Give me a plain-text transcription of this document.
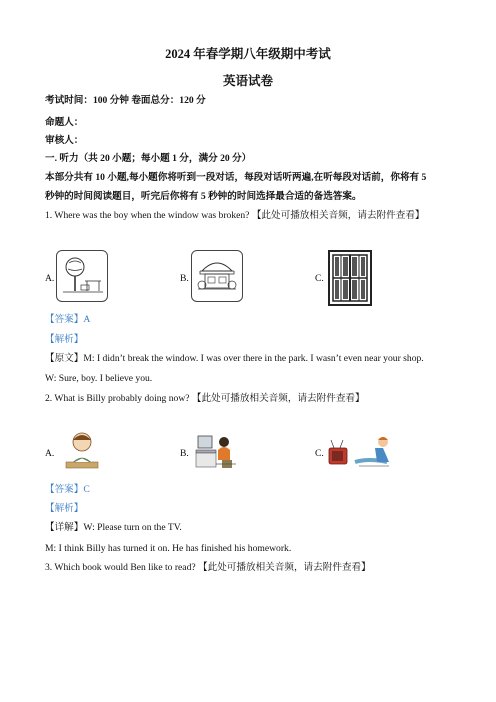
2024 年春学期八年级期中考试
英语试卷
考试时间：100 分钟 卷面总分：120 分
命题人：
审核人：
一. 听力（共 20 小题；每小题 1 分，满分 20 分）
本部分共有 10 小题,每小题你将听到一段对话，每段对话听两遍,在听每段对话前，你将有 5
秒钟的时间阅读题目，听完后你将有 5 秒钟的时间选择最合适的备选答案。
1. Where was the boy when the window was broken? 【此处可播放相关音频，请去附件查看】
A.	B.	C.
【答案】A
【解析】
【原文】M: I didn’t break the window. I was over there in the park. I wasn’t even near your shop.
W: Sure, boy. I believe you.
2. What is Billy probably doing now? 【此处可播放相关音频，请去附件查看】
A.	B.	C.
【答案】C
【解析】
【详解】W: Please turn on the TV.
M: I think Billy has turned it on. He has finished his homework.
3. Which book would Ben like to read? 【此处可播放相关音频，请去附件查看】
